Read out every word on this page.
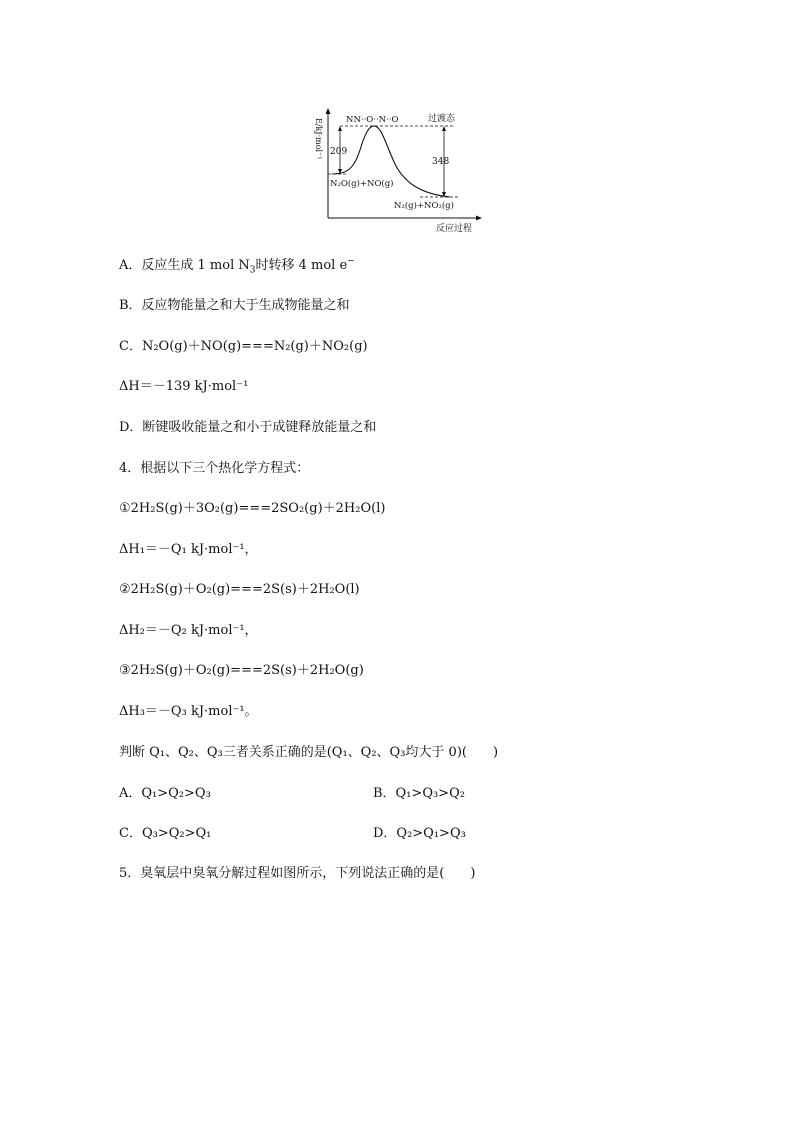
E/kJ·mol⁻¹	NN··O··N··O	过渡态
209
348
N₂O(g)+NO(g)
N₂(g)+NO₂(g)
反应过程
A．反应生成 1 mol $N_3$时转移 4 mol e−
B．反应物能量之和大于生成物能量之和
C．N₂O(g)＋NO(g)===N₂(g)＋NO₂(g)
ΔH＝－139 kJ·mol⁻¹
D．断键吸收能量之和小于成键释放能量之和
4．根据以下三个热化学方程式：
①2H₂S(g)＋3O₂(g)===2SO₂(g)＋2H₂O(l)
ΔH₁＝－Q₁ kJ·mol⁻¹，
②2H₂S(g)＋O₂(g)===2S(s)＋2H₂O(l)
ΔH₂＝－Q₂ kJ·mol⁻¹，
③2H₂S(g)＋O₂(g)===2S(s)＋2H₂O(g)
ΔH₃＝－Q₃ kJ·mol⁻¹。
判断 Q₁、Q₂、Q₃三者关系正确的是(Q₁、Q₂、Q₃均大于 0)(　　)
A．Q₁>Q₂>Q₃	B．Q₁>Q₃>Q₂
C．Q₃>Q₂>Q₁	D．Q₂>Q₁>Q₃
5．臭氧层中臭氧分解过程如图所示，下列说法正确的是(　　)
